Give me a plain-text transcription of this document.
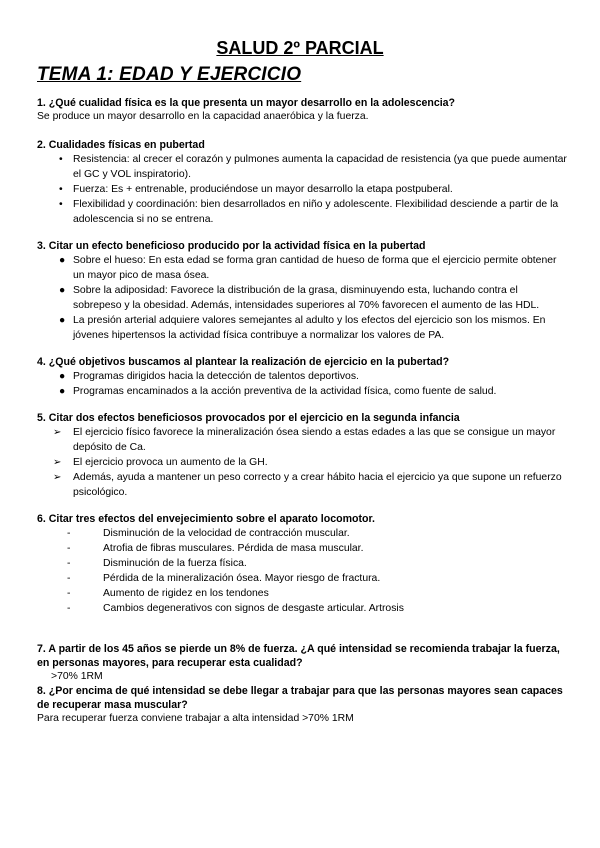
SALUD 2º PARCIAL
TEMA 1: EDAD Y EJERCICIO

1. ¿Qué cualidad física es la que presenta un mayor desarrollo en la adolescencia?

Se produce un mayor desarrollo en la capacidad anaeróbica y la fuerza.

2. Cualidades físicas en pubertad

• Resistencia: al crecer el corazón y pulmones aumenta la capacidad de resistencia (ya que puede aumentar el GC y VOL inspiratorio).
• Fuerza: Es + entrenable, produciéndose un mayor desarrollo la etapa postpuberal.
• Flexibilidad y coordinación: bien desarrollados en niño y adolescente. Flexibilidad desciende a partir de la adolescencia si no se entrena.

3. Citar un efecto beneficioso producido por la actividad física en la pubertad

● Sobre el hueso: En esta edad se forma gran cantidad de hueso de forma que el ejercicio permite obtener un mayor pico de masa ósea.
● Sobre la adiposidad: Favorece la distribución de la grasa, disminuyendo esta, luchando contra el sobrepeso y la obesidad. Además, intensidades superiores al 70% favorecen el aumento de las HDL.
● La presión arterial adquiere valores semejantes al adulto y los efectos del ejercicio son los mismos. En jóvenes hipertensos la actividad física contribuye a normalizar los valores de PA.

4. ¿Qué objetivos buscamos al plantear la realización de ejercicio en la pubertad?

● Programas dirigidos hacia la detección de talentos deportivos.
● Programas encaminados a la acción preventiva de la actividad física, como fuente de salud.

5. Citar dos efectos beneficiosos provocados por el ejercicio en la segunda infancia

➢ El ejercicio físico favorece la mineralización ósea siendo a estas edades a las que se consigue un mayor depósito de Ca.
➢ El ejercicio provoca un aumento de la GH.
➢ Además, ayuda a mantener un peso correcto y a crear hábito hacia el ejercicio ya que supone un refuerzo psicológico.

6. Citar tres efectos del envejecimiento sobre el aparato locomotor.

-	Disminución de la velocidad de contracción muscular.
-	Atrofia de fibras musculares. Pérdida de masa muscular.
-	Disminución de la fuerza física.
-	Pérdida de la mineralización ósea. Mayor riesgo de fractura.
-	Aumento de rigidez en los tendones
-	Cambios degenerativos con signos de desgaste articular. Artrosis

7. A partir de los 45 años se pierde un 8% de fuerza. ¿A qué intensidad se recomienda trabajar la fuerza, en personas mayores, para recuperar esta cualidad?

>70% 1RM

8. ¿Por encima de qué intensidad se debe llegar a trabajar para que las personas mayores sean capaces de recuperar masa muscular?

Para recuperar fuerza conviene trabajar a alta intensidad >70% 1RM
